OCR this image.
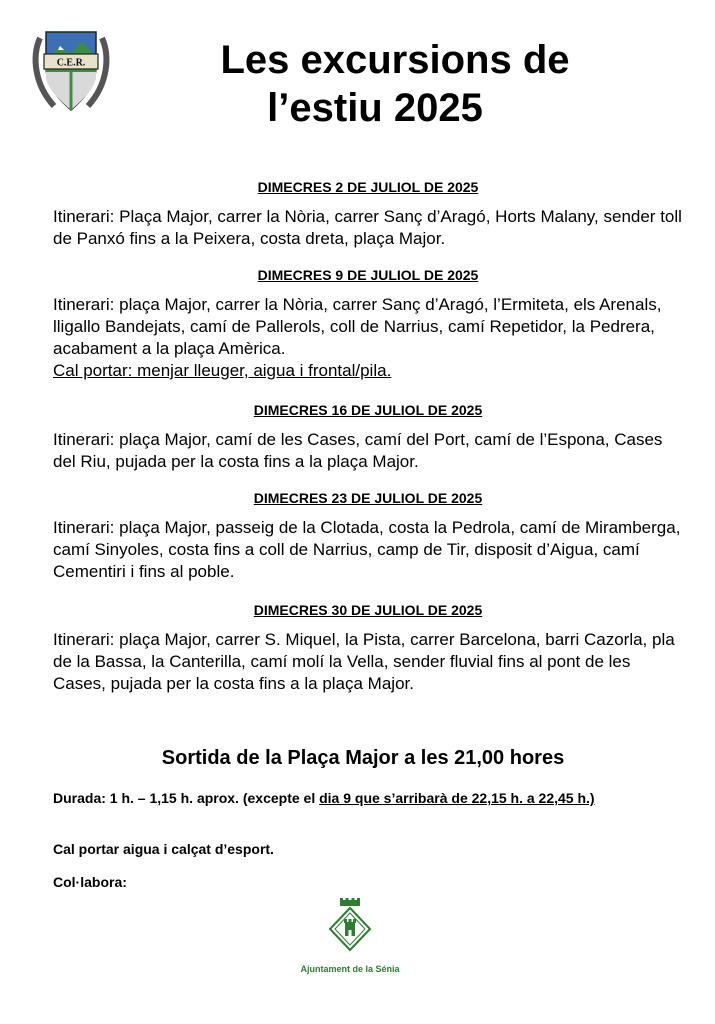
C.E.R.	Les excursions de
l’estiu 2025
DIMECRES 2 DE JULIOL DE 2025
Itinerari: Plaça Major, carrer la Nòria, carrer Sanç d’Aragó, Horts Malany, sender toll de Panxó fins a la Peixera, costa dreta, plaça Major.
DIMECRES 9 DE JULIOL DE 2025
Itinerari: plaça Major, carrer la Nòria, carrer Sanç d’Aragó, l’Ermiteta, els Arenals, lligallo Bandejats, camí de Pallerols, coll de Narrius, camí Repetidor, la Pedrera, acabament a la plaça Amèrica.
Cal portar: menjar lleuger, aigua i frontal/pila.
DIMECRES 16 DE JULIOL DE 2025
Itinerari: plaça Major, camí de les Cases, camí del Port, camí de l’Espona, Cases del Riu, pujada per la costa fins a la plaça Major.
DIMECRES 23 DE JULIOL DE 2025
Itinerari: plaça Major, passeig de la Clotada, costa la Pedrola, camí de Miramberga, camí Sinyoles, costa fins a coll de Narrius, camp de Tir, disposit d’Aigua, camí Cementiri i fins al poble.
DIMECRES 30 DE JULIOL DE 2025
Itinerari: plaça Major, carrer S. Miquel, la Pista, carrer Barcelona, barri Cazorla, pla de la Bassa, la Canterilla, camí molí la Vella, sender fluvial fins al pont de les Cases, pujada per la costa fins a la plaça Major.
Sortida de la Plaça Major a les 21,00 hores
Durada: 1 h. – 1,15 h. aprox. (excepte el dia 9 que s’arribarà de 22,15 h. a 22,45 h.)
Cal portar aigua i calçat d’esport.
Col·labora:
Ajuntament de la Sénia
